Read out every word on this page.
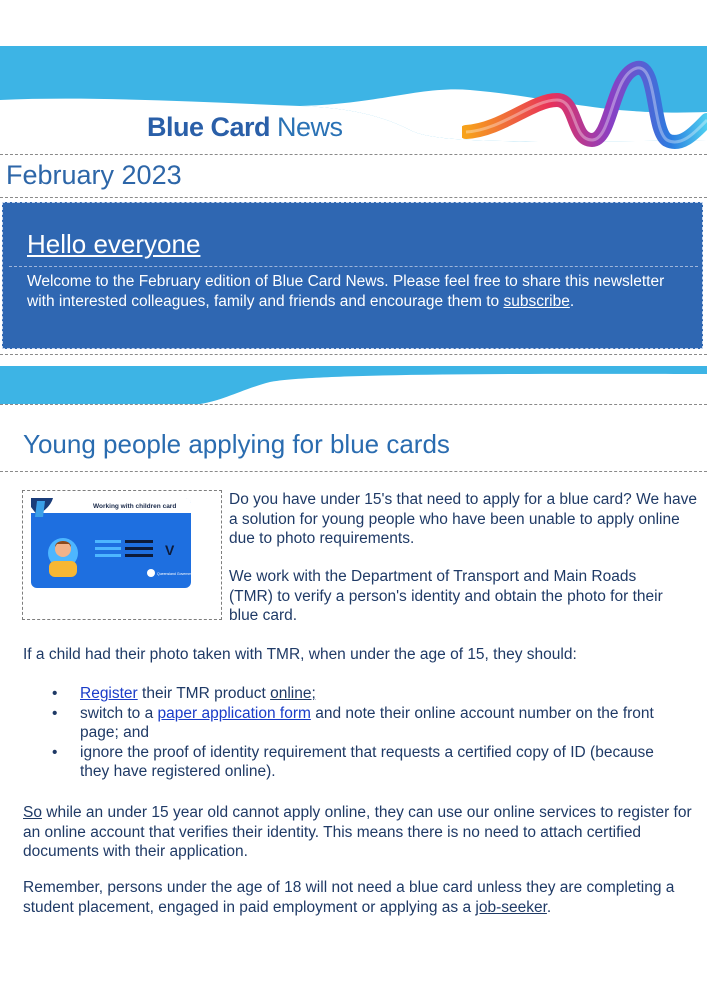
Blue Card News
February 2023
Hello everyone
Welcome to the February edition of Blue Card News. Please feel free to share this newsletter with interested colleagues, family and friends and encourage them to subscribe.
Young people applying for blue cards
Working with children card
V
Queensland Government
Do you have under 15's that need to apply for a blue card? We have a solution for young people who have been unable to apply online due to photo requirements.
We work with the Department of Transport and Main Roads (TMR) to verify a person's identity and obtain the photo for their blue card.
If a child had their photo taken with TMR, when under the age of 15, they should:
• Register their TMR product online;
• switch to a paper application form and note their online account number on the front page; and
• ignore the proof of identity requirement that requests a certified copy of ID (because they have registered online).
So while an under 15 year old cannot apply online, they can use our online services to register for an online account that verifies their identity. This means there is no need to attach certified documents with their application.
Remember, persons under the age of 18 will not need a blue card unless they are completing a student placement, engaged in paid employment or applying as a job-seeker.
